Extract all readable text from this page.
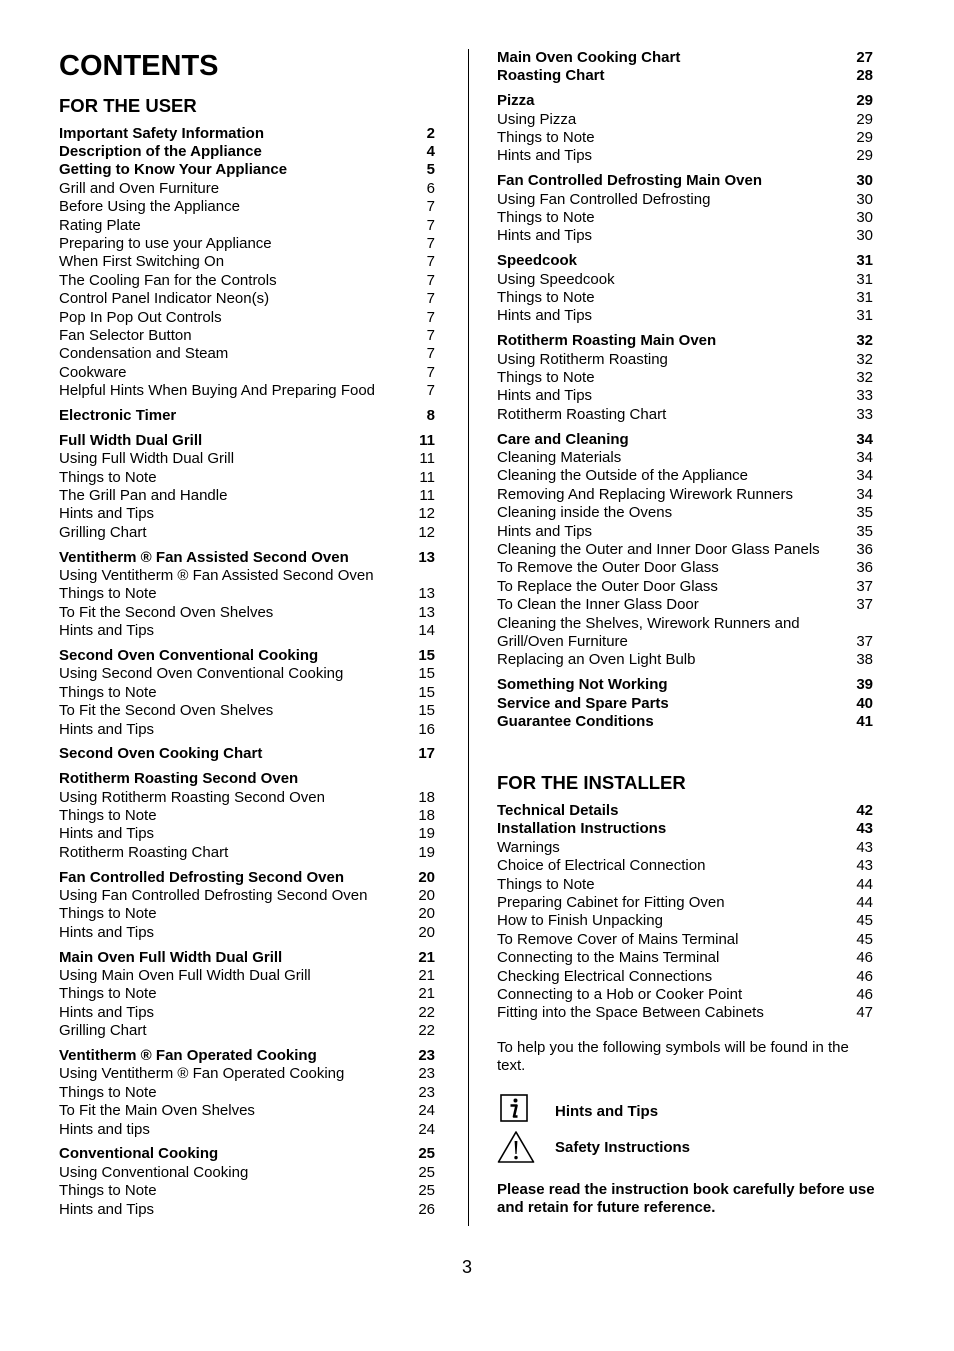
CONTENTS
FOR THE USER
Important Safety Information	2
Description of the Appliance	4
Getting to Know Your Appliance	5
Grill and Oven Furniture	6
Before Using the Appliance	7
Rating Plate	7
Preparing to use your Appliance	7
When First Switching On	7
The Cooling Fan for the Controls	7
Control Panel Indicator Neon(s)	7
Pop In Pop Out Controls	7
Fan Selector Button	7
Condensation and Steam	7
Cookware	7
Helpful Hints When Buying And Preparing Food	7
Electronic Timer	8
Full Width Dual Grill	11
Using Full Width Dual Grill	11
Things to Note	11
The Grill Pan and Handle	11
Hints and Tips	12
Grilling Chart	12
Ventitherm ® Fan Assisted Second Oven	13
Using Ventitherm ® Fan Assisted Second Oven
Things to Note	13
To Fit the Second Oven Shelves	13
Hints and Tips	14
Second Oven Conventional Cooking	15
Using Second Oven Conventional Cooking	15
Things to Note	15
To Fit the Second Oven Shelves	15
Hints and Tips	16
Second Oven Cooking Chart	17
Rotitherm Roasting Second Oven
Using Rotitherm Roasting Second Oven	18
Things to Note	18
Hints and Tips	19
Rotitherm Roasting Chart	19
Fan Controlled Defrosting Second Oven	20
Using Fan Controlled Defrosting Second Oven	20
Things to Note	20
Hints and Tips	20
Main Oven Full Width Dual Grill	21
Using Main Oven Full Width Dual Grill	21
Things to Note	21
Hints and Tips	22
Grilling Chart	22
Ventitherm ® Fan Operated Cooking	23
Using Ventitherm ® Fan Operated Cooking	23
Things to Note	23
To Fit the Main Oven Shelves	24
Hints and tips	24
Conventional Cooking	25
Using Conventional Cooking	25
Things to Note	25
Hints and Tips	26
Main Oven Cooking Chart	27
Roasting Chart	28
Pizza	29
Using Pizza	29
Things to Note	29
Hints and Tips	29
Fan Controlled Defrosting Main Oven	30
Using Fan Controlled Defrosting	30
Things to Note	30
Hints and Tips	30
Speedcook	31
Using Speedcook	31
Things to Note	31
Hints and Tips	31
Rotitherm Roasting Main Oven	32
Using Rotitherm Roasting	32
Things to Note	32
Hints and Tips	33
Rotitherm Roasting Chart	33
Care and Cleaning	34
Cleaning Materials	34
Cleaning the Outside of the Appliance	34
Removing And Replacing Wirework Runners	34
Cleaning inside the Ovens	35
Hints and Tips	35
Cleaning the Outer and Inner Door Glass Panels 36
To Remove the Outer Door Glass	36
To Replace the Outer Door Glass	37
To Clean the Inner Glass Door	37
Cleaning the Shelves, Wirework Runners and
Grill/Oven Furniture	37
Replacing an Oven Light Bulb	38
Something Not Working	39
Service and Spare Parts	40
Guarantee Conditions	41
FOR THE INSTALLER
Technical Details	42
Installation Instructions	43
Warnings	43
Choice of Electrical Connection	43
Things to Note	44
Preparing Cabinet for Fitting Oven	44
How to Finish Unpacking	45
To Remove Cover of Mains Terminal	45
Connecting to the Mains Terminal	46
Checking Electrical Connections	46
Connecting to a Hob or Cooker Point	46
Fitting into the Space Between Cabinets	47
To help you the following symbols will be found in the text.
Hints and Tips
Safety Instructions
Please read the instruction book carefully before use and retain for future reference.
3
